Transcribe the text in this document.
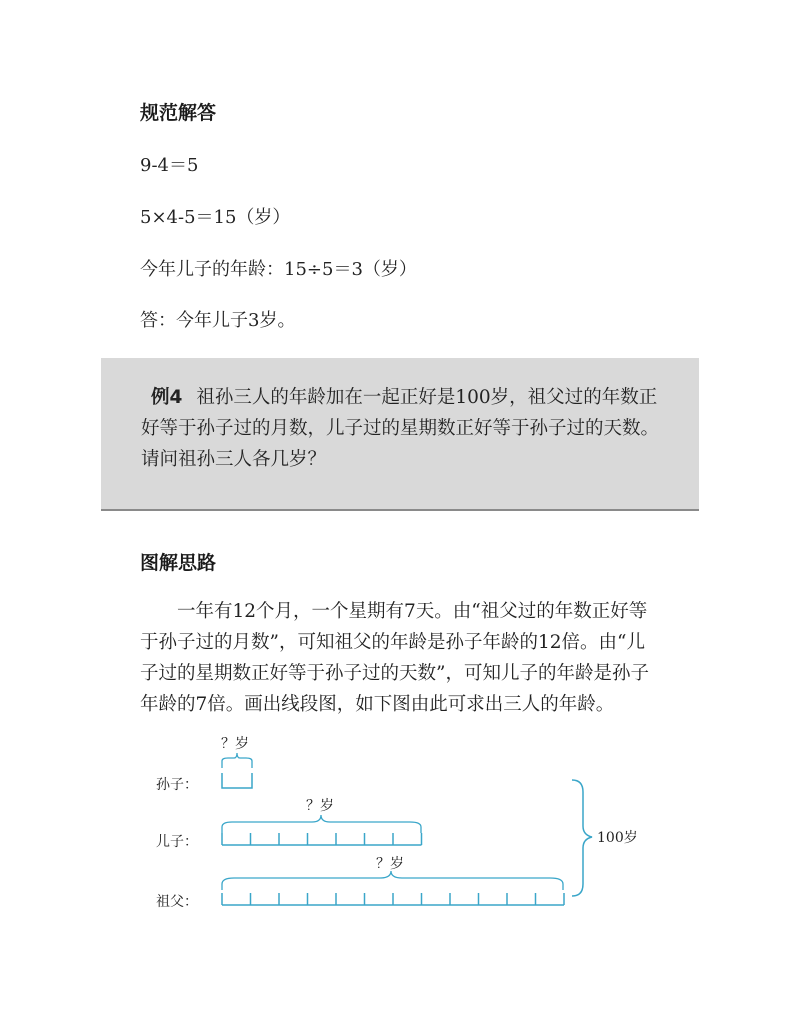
规范解答
9-4＝5
5×4-5＝15（岁）
今年儿子的年龄：15÷5＝3（岁）
答：今年儿子3岁。
例4 祖孙三人的年龄加在一起正好是100岁，祖父过的年数正好等于孙子过的月数，儿子过的星期数正好等于孙子过的天数。请问祖孙三人各几岁？
图解思路
一年有12个月，一个星期有7天。由“祖父过的年数正好等于孙子过的月数”，可知祖父的年龄是孙子年龄的12倍。由“儿子过的星期数正好等于孙子过的天数”，可知儿子的年龄是孙子年龄的7倍。画出线段图，如下图由此可求出三人的年龄。
孙子：
儿子：
祖父：
？岁
？岁
？岁
100岁
